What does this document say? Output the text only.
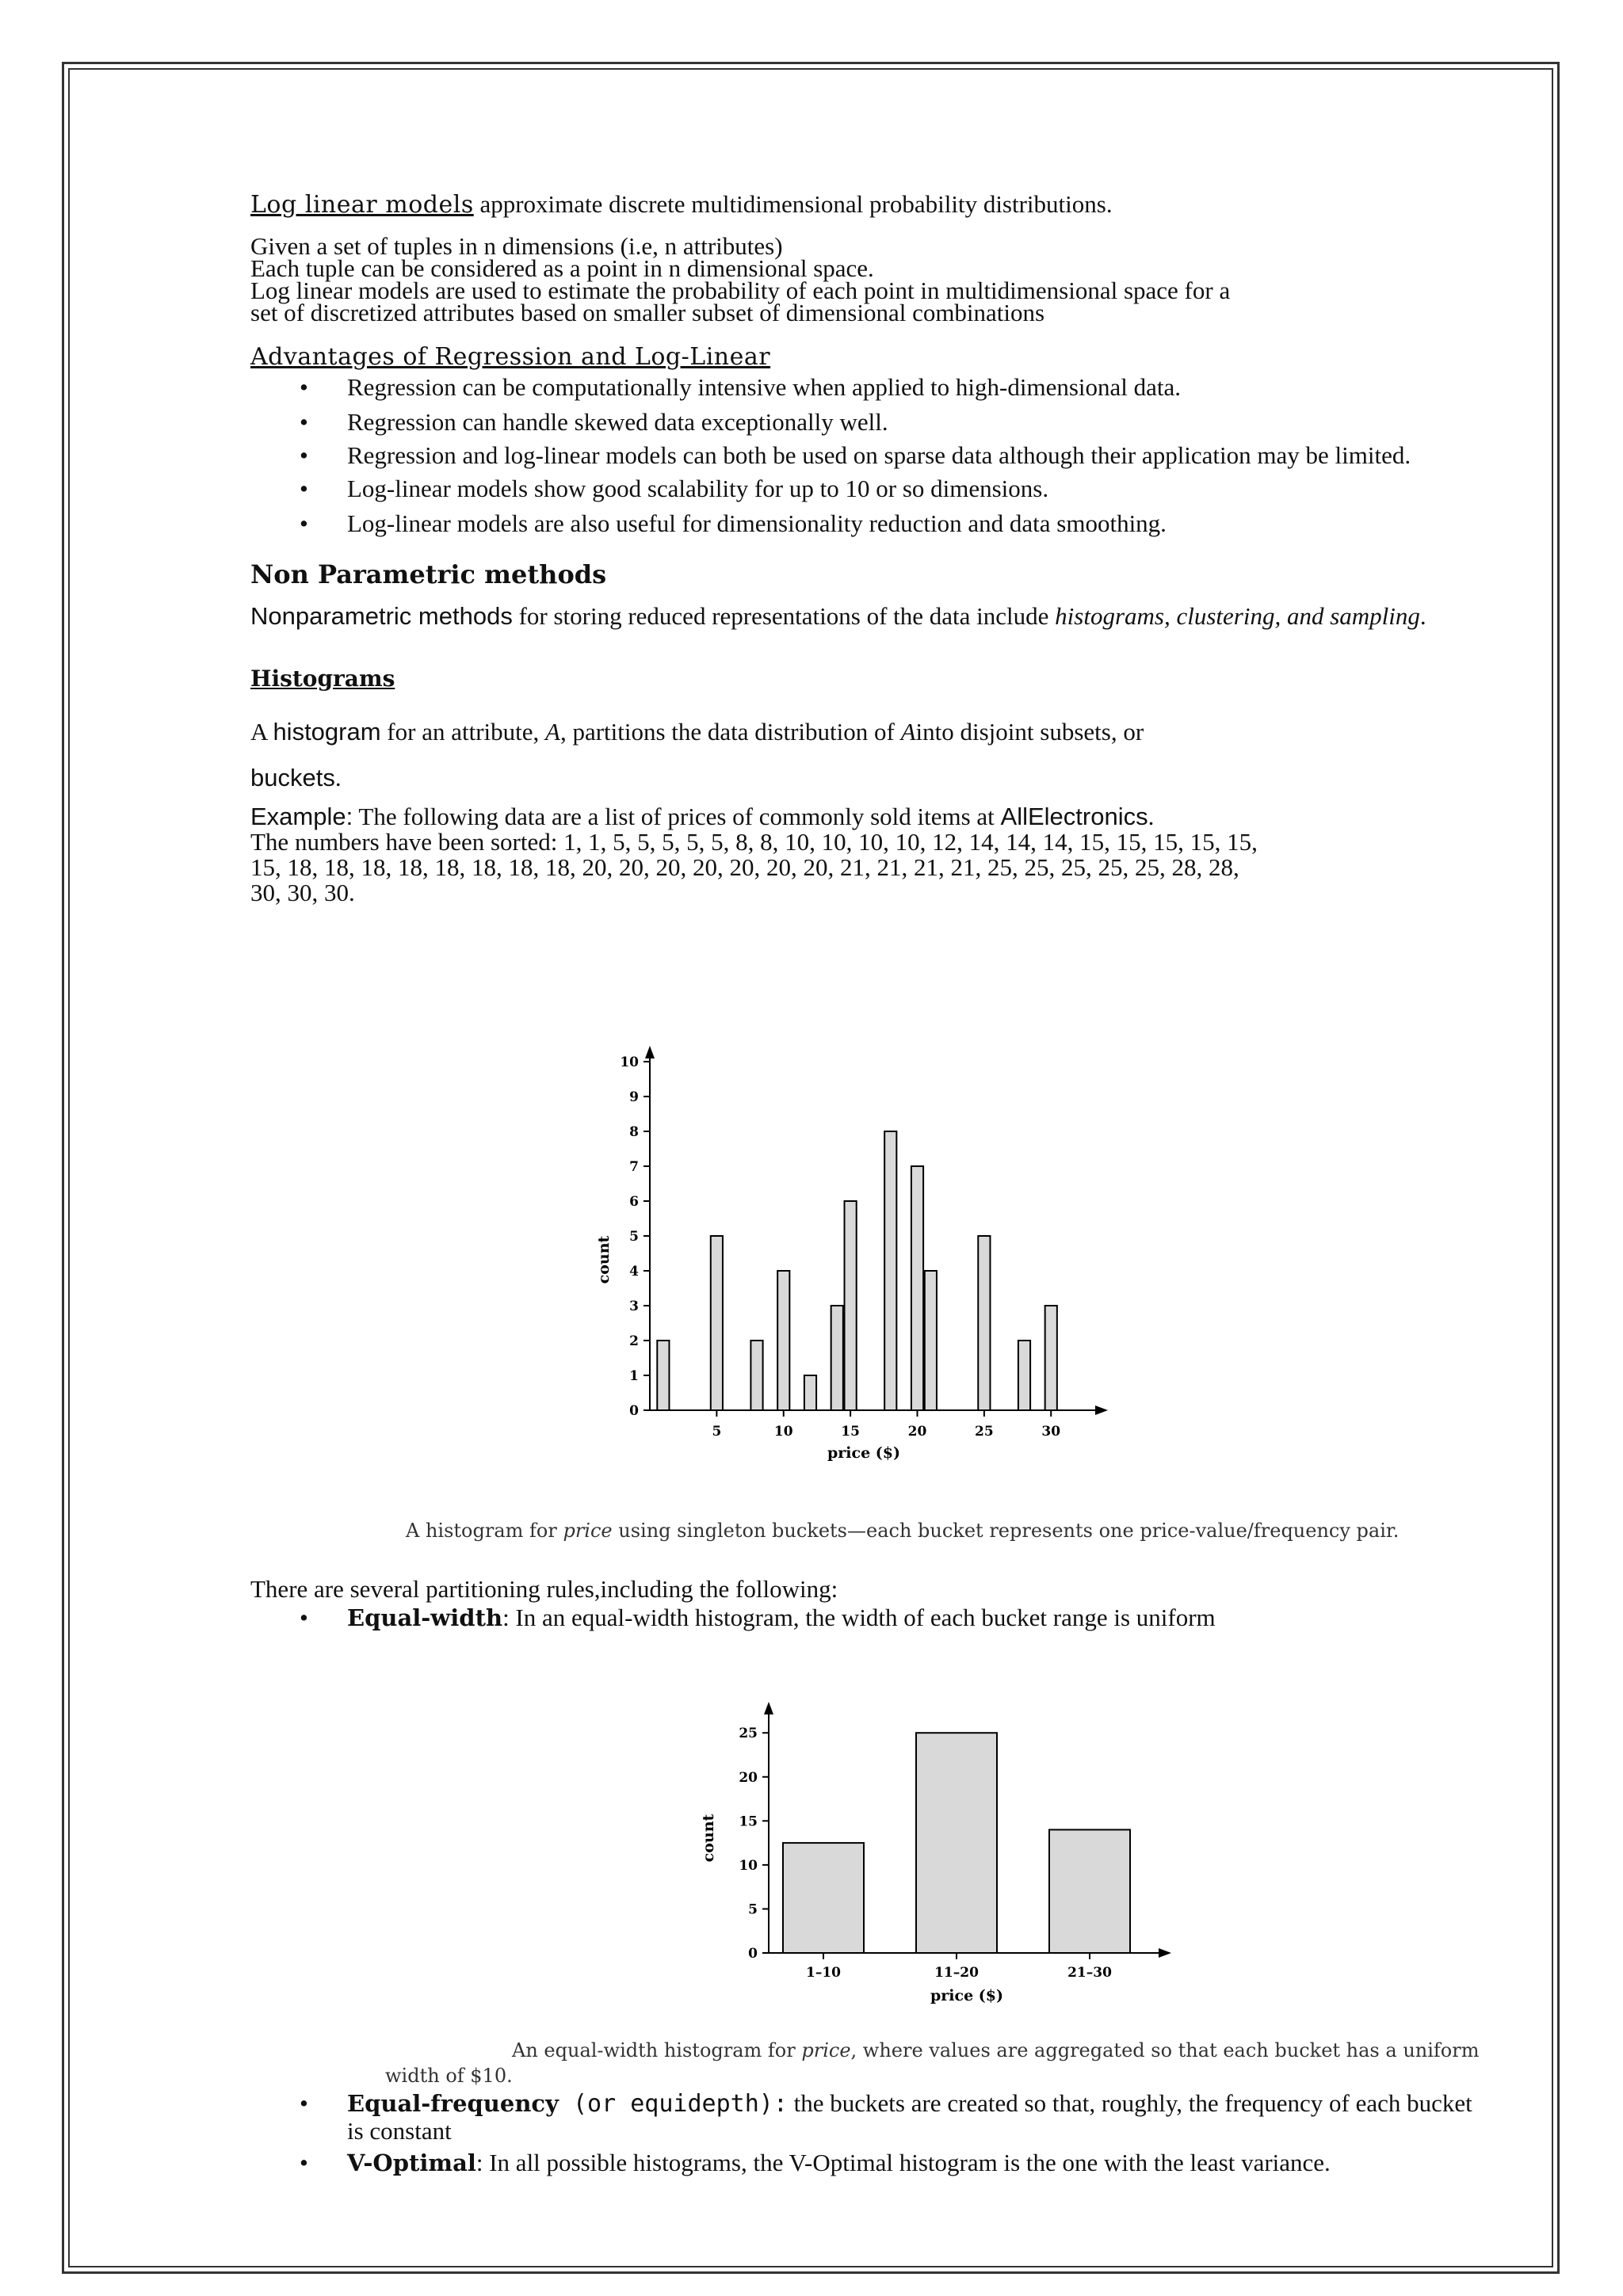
Log linear models approximate discrete multidimensional probability distributions.

Given a set of tuples in n dimensions (i.e, n attributes)
Each tuple can be considered as a point in n dimensional space.
Log linear models are used to estimate the probability of each point in multidimensional space for a
set of discretized attributes based on smaller subset of dimensional combinations
Advantages of Regression and Log-Linear
• Regression can be computationally intensive when applied to high-dimensional data.
• Regression can handle skewed data exceptionally well.
• Regression and log-linear models can both be used on sparse data although their application may be limited.
• Log-linear models show good scalability for up to 10 or so dimensions.
• Log-linear models are also useful for dimensionality reduction and data smoothing.
Non Parametric methods

Nonparametric methods for storing reduced representations of the data include histograms, clustering, and sampling.

Histograms

A histogram for an attribute, A, partitions the data distribution of Ainto disjoint subsets, or
buckets.

Example: The following data are a list of prices of commonly sold items at AllElectronics.
The numbers have been sorted: 1, 1, 5, 5, 5, 5, 5, 8, 8, 10, 10, 10, 10, 12, 14, 14, 14, 15, 15, 15, 15, 15,
15, 18, 18, 18, 18, 18, 18, 18, 18, 20, 20, 20, 20, 20, 20, 20, 21, 21, 21, 21, 25, 25, 25, 25, 25, 28, 28,
30, 30, 30.
0
1
2
3
4
5
6
7
8
9
10
5	10	15	20	25	30
price ($)
count
A histogram for price using singleton buckets—each bucket represents one price-value/frequency pair.
There are several partitioning rules,including the following:
• Equal-width: In an equal-width histogram, the width of each bucket range is uniform
0
5
10
15
20
25
1–10	11–20	21–30
price ($)
count
An equal-width histogram for price, where values are aggregated so that each bucket has a uniform
width of $10.
• Equal-frequency (or equidepth): the buckets are created so that, roughly, the frequency of each bucket is constant
• V-Optimal: In all possible histograms, the V-Optimal histogram is the one with the least variance.
